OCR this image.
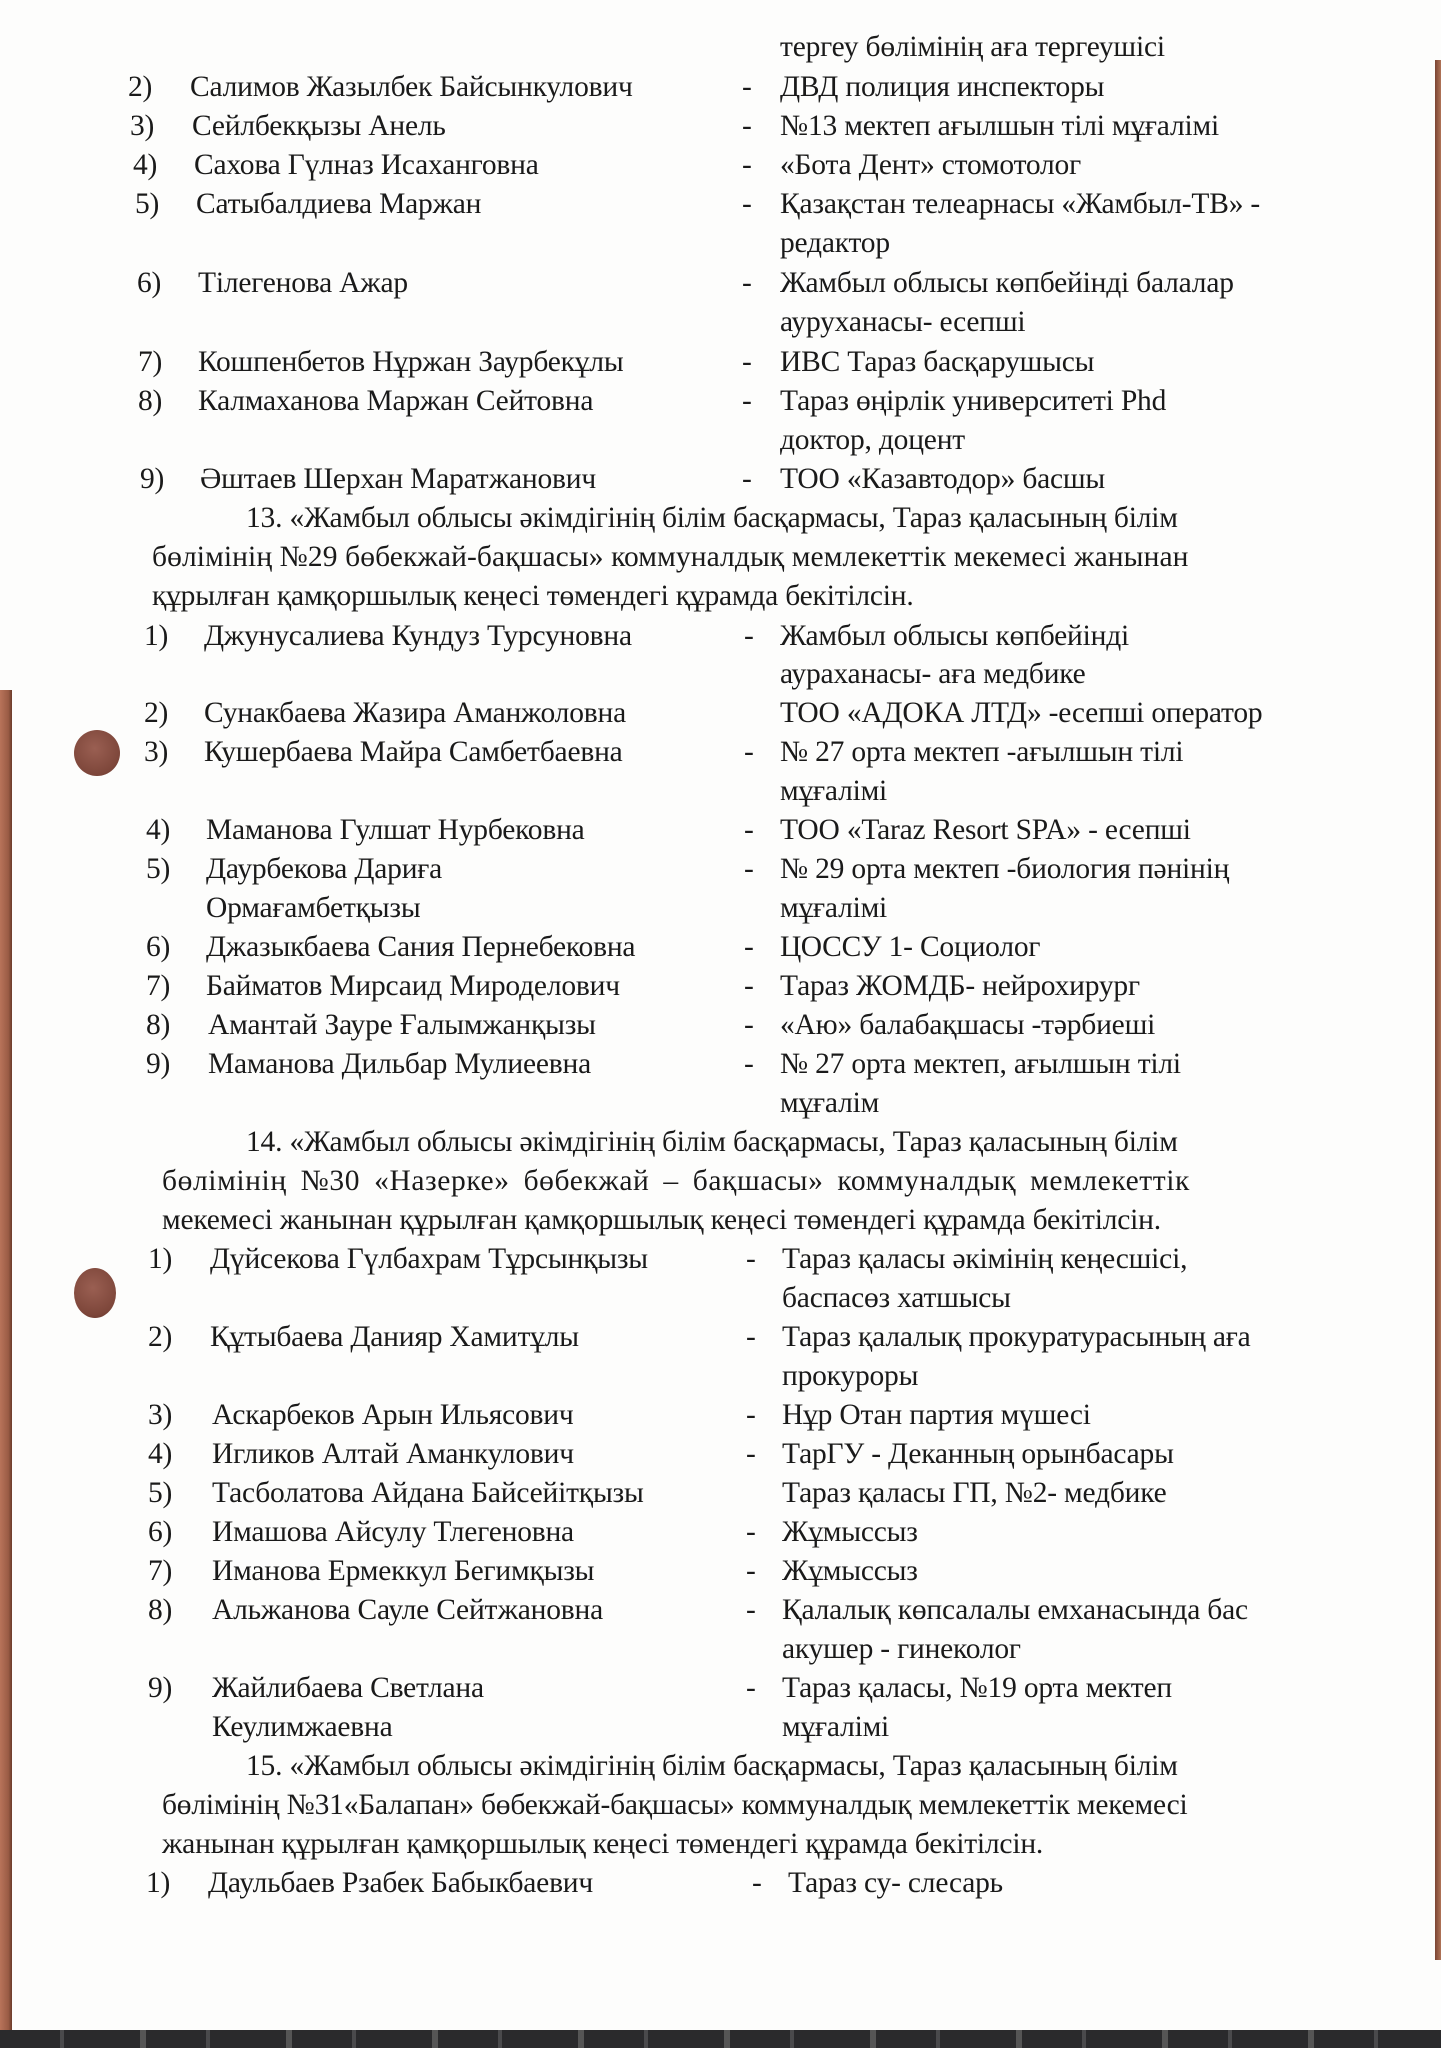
тергеу бөлімінің аға тергеушісі
2) Салимов Жазылбек Байсынкулович	- ДВД полиция инспекторы
3) Сейлбекқызы Анель	- №13 мектеп ағылшын тілі мұғалімі
4) Сахова Гүлназ Исаханговна	- «Бота Дент» стомотолог
5) Сатыбалдиева Маржан	- Қазақстан телеарнасы «Жамбыл-ТВ» -
редактор
6) Тілегенова Ажар	- Жамбыл облысы көпбейінді балалар
ауруханасы- есепші
7) Кошпенбетов Нұржан Заурбекұлы	- ИВС Тараз басқарушысы
8) Калмаханова Маржан Сейтовна	- Тараз өңірлік университеті Phd
доктор, доцент
9) Әштаев Шерхан Маратжанович	- ТОО «Казавтодор» басшы
13. «Жамбыл облысы әкімдігінің білім басқармасы, Тараз қаласының білім
бөлімінің №29 бөбекжай-бақшасы» коммуналдық мемлекеттік мекемесі жанынан
құрылған қамқоршылық кеңесі төмендегі құрамда бекітілсін.
1) Джунусалиева Кундуз Турсуновна	- Жамбыл облысы көпбейінді
аураханасы- аға медбике
2) Сунакбаева Жазира Аманжоловна	ТОО «АДОКА ЛТД» -есепші оператор
3) Кушербаева Майра Самбетбаевна	- № 27 орта мектеп -ағылшын тілі
мұғалімі
4) Маманова Гулшат Нурбековна	- ТОО «Taraz Resort SPA» - есепші
5) Даурбекова Дариға	- № 29 орта мектеп -биология пәнінің
Ормағамбетқызы	мұғалімі
6) Джазыкбаева Сания Пернебековна	- ЦОССУ 1- Социолог
7) Байматов Мирсаид Мироделович	- Тараз ЖОМДБ- нейрохирург
8) Амантай Зауре Ғалымжанқызы	- «Аю» балабақшасы -тәрбиеші
9) Маманова Дильбар Мулиеевна	- № 27 орта мектеп, ағылшын тілі
мұғалім
14. «Жамбыл облысы әкімдігінің білім басқармасы, Тараз қаласының білім
бөлімінің №30 «Назерке» бөбекжай – бақшасы» коммуналдық мемлекеттік
мекемесі жанынан құрылған қамқоршылық кеңесі төмендегі құрамда бекітілсін.
1) Дүйсекова Гүлбахрам Тұрсынқызы	- Тараз қаласы әкімінің кеңесшісі,
баспасөз хатшысы
2) Құтыбаева Данияр Хамитұлы	- Тараз қалалық прокуратурасының аға
прокуроры
3) Аскарбеков Арын Ильясович	- Нұр Отан партия мүшесі
4) Игликов Алтай Аманкулович	- ТарГУ - Деканның орынбасары
5) Тасболатова Айдана Байсейітқызы	Тараз қаласы ГП, №2- медбике
6) Имашова Айсулу Тлегеновна	- Жұмыссыз
7) Иманова Ермеккул Бегимқызы	- Жұмыссыз
8) Альжанова Сауле Сейтжановна	- Қалалық көпсалалы емханасында бас
акушер - гинеколог
9) Жайлибаева Светлана	- Тараз қаласы, №19 орта мектеп
Кеулимжаевна	мұғалімі
15. «Жамбыл облысы әкімдігінің білім басқармасы, Тараз қаласының білім
бөлімінің №31«Балапан» бөбекжай-бақшасы» коммуналдық мемлекеттік мекемесі
жанынан құрылған қамқоршылық кеңесі төмендегі құрамда бекітілсін.
1) Даульбаев Рзабек Бабыкбаевич	- Тараз су- слесарь
